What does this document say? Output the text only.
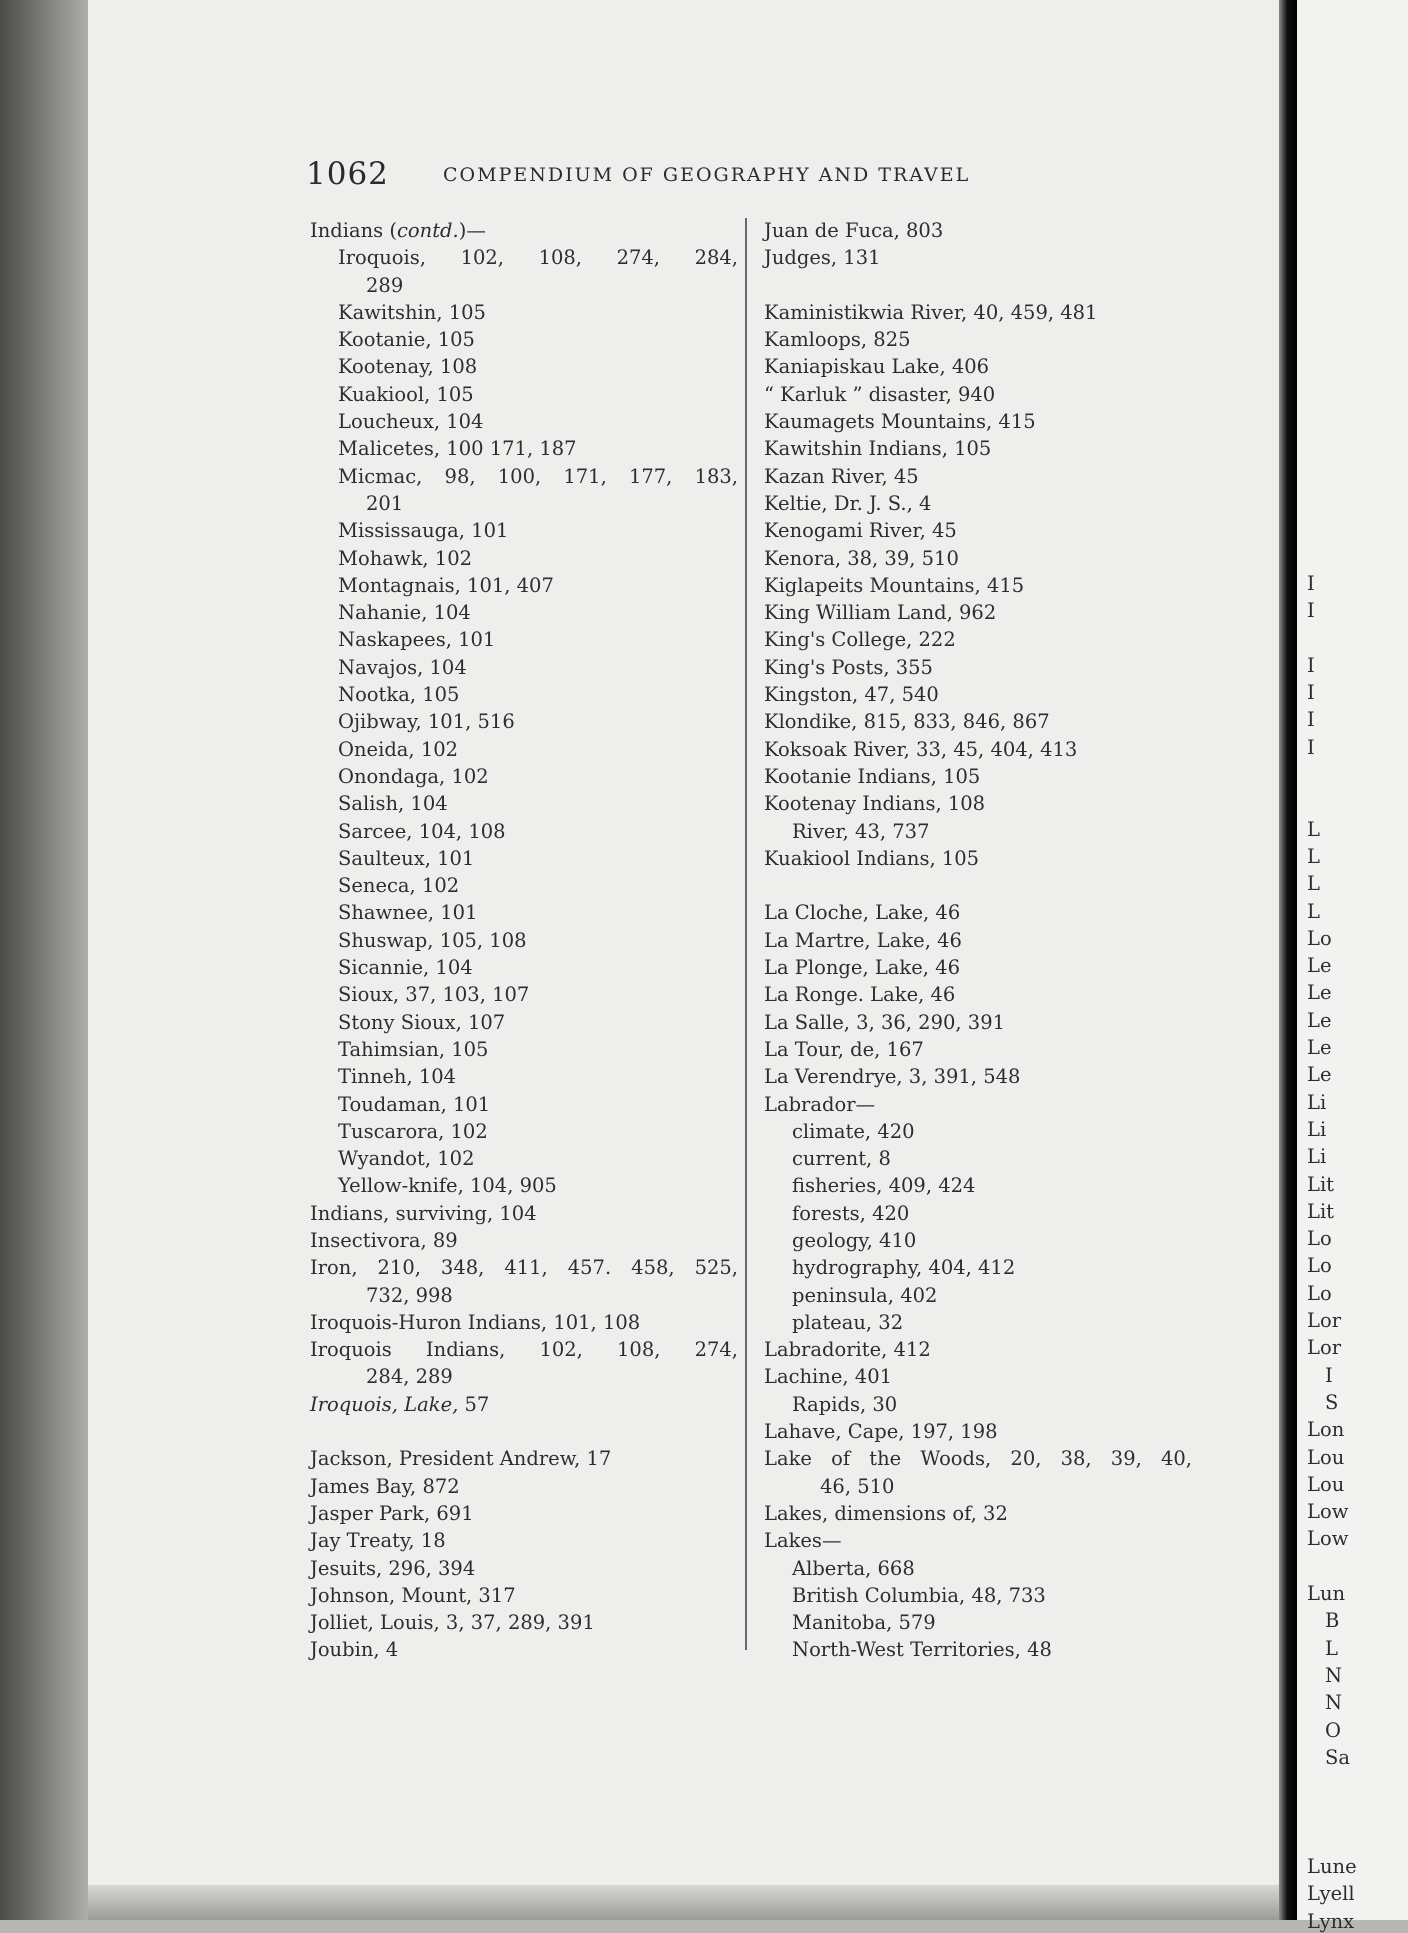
1062	COMPENDIUM OF GEOGRAPHY AND TRAVEL
Indians (contd.)—
Iroquois, 102, 108, 274, 284,
289
Kawitshin, 105
Kootanie, 105
Kootenay, 108
Kuakiool, 105
Loucheux, 104
Malicetes, 100 171, 187
Micmac, 98, 100, 171, 177, 183,
201
Mississauga, 101
Mohawk, 102
Montagnais, 101, 407
Nahanie, 104
Naskapees, 101
Navajos, 104
Nootka, 105
Ojibway, 101, 516
Oneida, 102
Onondaga, 102
Salish, 104
Sarcee, 104, 108
Saulteux, 101
Seneca, 102
Shawnee, 101
Shuswap, 105, 108
Sicannie, 104
Sioux, 37, 103, 107
Stony Sioux, 107
Tahimsian, 105
Tinneh, 104
Toudaman, 101
Tuscarora, 102
Wyandot, 102
Yellow-knife, 104, 905
Indians, surviving, 104
Insectivora, 89
Iron, 210, 348, 411, 457. 458, 525,
732, 998
Iroquois-Huron Indians, 101, 108
Iroquois Indians, 102, 108, 274,
284, 289
Iroquois, Lake, 57
Jackson, President Andrew, 17
James Bay, 872
Jasper Park, 691
Jay Treaty, 18
Jesuits, 296, 394
Johnson, Mount, 317
Jolliet, Louis, 3, 37, 289, 391
Joubin, 4
Juan de Fuca, 803
Judges, 131
Kaministikwia River, 40, 459, 481
Kamloops, 825
Kaniapiskau Lake, 406
“ Karluk ” disaster, 940
Kaumagets Mountains, 415
Kawitshin Indians, 105
Kazan River, 45
Keltie, Dr. J. S., 4
Kenogami River, 45
Kenora, 38, 39, 510
Kiglapeits Mountains, 415
King William Land, 962
King's College, 222
King's Posts, 355
Kingston, 47, 540
Klondike, 815, 833, 846, 867
Koksoak River, 33, 45, 404, 413
Kootanie Indians, 105
Kootenay Indians, 108
River, 43, 737
Kuakiool Indians, 105
La Cloche, Lake, 46
La Martre, Lake, 46
La Plonge, Lake, 46
La Ronge. Lake, 46
La Salle, 3, 36, 290, 391
La Tour, de, 167
La Verendrye, 3, 391, 548
Labrador—
climate, 420
current, 8
fisheries, 409, 424
forests, 420
geology, 410
hydrography, 404, 412
peninsula, 402
plateau, 32
Labradorite, 412
Lachine, 401
Rapids, 30
Lahave, Cape, 197, 198
Lake of the Woods, 20, 38, 39, 40,
46, 510
Lakes, dimensions of, 32
Lakes—
Alberta, 668
British Columbia, 48, 733
Manitoba, 579
North-West Territories, 48
I
I
I
I
I
I
L
L
L
L
Lo
Le
Le
Le
Le
Le
Li
Li
Li
Lit
Lit
Lo
Lo
Lo
Lor
Lor
I
S
Lon
Lou
Lou
Low
Low
Lun
B
L
N
N
O
Sa
Lune
Lyell
Lynx
